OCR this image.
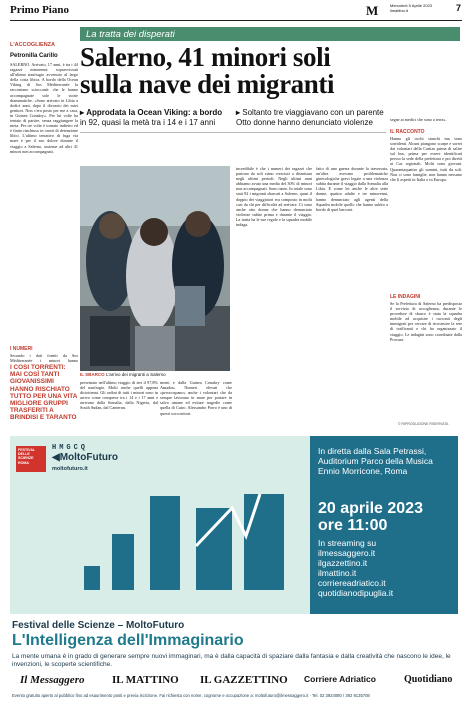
Primo Piano	M	Mercoledì 5 Aprile 2023
ilmattino.it	7
La tratta dei disperati
Salerno, 41 minori soli
sulla nave dei migranti
▸ Approdata la Ocean Viking: a bordo
in 92, quasi la metà tra i 14 e i 17 anni
▸ Soltanto tre viaggiavano con un parente
Otto donne hanno denunciato violenze
L'ACCOGLIENZA
Petronilla Carillo
SALERNO. Arrivato, 17 anni, è tra i 44 ragazzi minorenni sopravvissuti all'ultimo naufragio avvenuto al largo della costa libica. A bordo della Ocean Viking di Sos Méditerranée la raccontano scioccanti: che le hanno accompagnate sole le storie drammatiche. «Sono arrivato in Libia a dodici anni, dopo il divorzio dei miei genitori. Non c'era posto per me a casa, in Guinea Conakry». Per lui volte ha tentato di partire, senza raggiungere la meta. Per tre volte è tornato indietro ed è finito rinchiuso in centri di detenzione libici. L'ultimo tentativo di fuga via mare è per il suo dolore durante il viaggio a Salerno, assieme ad altri 41 minori non accompagnati.
I NUMERI
Secondo i dati forniti da Sos Méditerranée i minori hanno
I COSI TORRENTI: MAI COSÌ TANTI GIOVANISSIMI HANNO RISCHIATO TUTTO PER UNA VITA MIGLIORE GRUPPI TRASFERITI A BRINDISI E TARANTO
IL SBARCO L'arrivo dei migranti a Salerno
presentato nell'ultimo viaggio di ieri il 97,8% del naufragio. Molti anche quelli appena diciottenni. Gli ordini di tutti i minori sono in arrivo come comprese tra i 14 e i 17 anni e arrivano dalla Somalia, dalla Nigeria, dal South Sudan, dal Camerun.
menti e dalla Guinea Conakry come Amadou. Numeri elevati che «preoccupano» anche i volontari che da sempre lavorano in mare per portare in salvo umane ed evitare tragedie come quella di Cutro. Alessandro Porro è uno di questi soccorritori.
incredibile è che i numeri dei ragazzi che partono da soli siano cresciuti a dismisura negli ultimi periodi. Negli ultimi anni abbiamo avuto una media del 30% di minori non accompagnati. Sono tanto. In totale sono stati 92 i migranti sbarcati a Salerno, quasi il doppio dei viaggiatori era composto in molti casi da chi per difficoltà ad arrivare. Ci sono anche otto donne che hanno denunciato violenze subite prima e durante il viaggio. La tratta ha le sue regole e la squadra mobile indaga.
fatto di una guerra durante la traversata, un'altra avevano problematiche ginecologiche gravi legate a una violenza subìta durante il viaggio dalla Somalia alla Libia. E come lei anche le altre sette donne, quattro adulte e tre minorenni, hanno denunciato agli agenti della Squadra mobile quello che hanno subìto a bordo di quei barconi.
segne ai medici che sono a terra».
IL RACCONTO
Hanno gli occhi stanchi ma sono sorridenti. Alcuni piangono scarpe e sorrei dai volontari della Caritas prima di salire sul bus, prima per essere identificati presso la sede della prefettura e poi diretti ai Cas regionali. Molti sono giovani. Quarantaquattro gli uomini, tutti da soli. Non ci sono famiglie, non hanno nessuno che li aspetti in Italia o in Europa.
LE INDAGINI
Se la Prefettura di Salerno ha predisposto il servizio di accoglienza, durante le procedure di sbarco è stata la squadra mobile ad acquisire i racconti degli immigrati per cercare di ricostruire la rete di trafficanti e chi ha organizzato il viaggio. Le indagini sono coordinate dalla Procura.
© RIPRODUZIONE RISERVATA
FESTIVAL DELLE SCIENZE ROMA
HMGCQ
◀MoltoFuturo
moltofuturo.it
In diretta dalla Sala Petrassi,
Auditorium Parco della Musica
Ennio Morricone, Roma
20 aprile 2023
ore 11:00
In streaming su
ilmessaggero.it
ilgazzettino.it
ilmattino.it
corriereadriatico.it
quotidianodipuglia.it
Festival delle Scienze – MoltoFuturo
L'Intelligenza dell'Immaginario
La mente umana è in grado di generare sempre nuovi immaginari, ma è dalla capacità di spaziare dalla fantasia e dalla creatività che nascono le idee, le invenzioni, le scoperte scientifiche.
Il Messaggero	IL MATTINO IL GAZZETTINO Corriere Adriatico	Quotidiano
Evento gratuito aperto al pubblico fino ad esaurimento posti e previa iscrizione. Fai richiesta con nome, cognome e occupazione a: moltofuturo@ilmessaggero.it · Tel. 02 3924080 / 392 9135708
